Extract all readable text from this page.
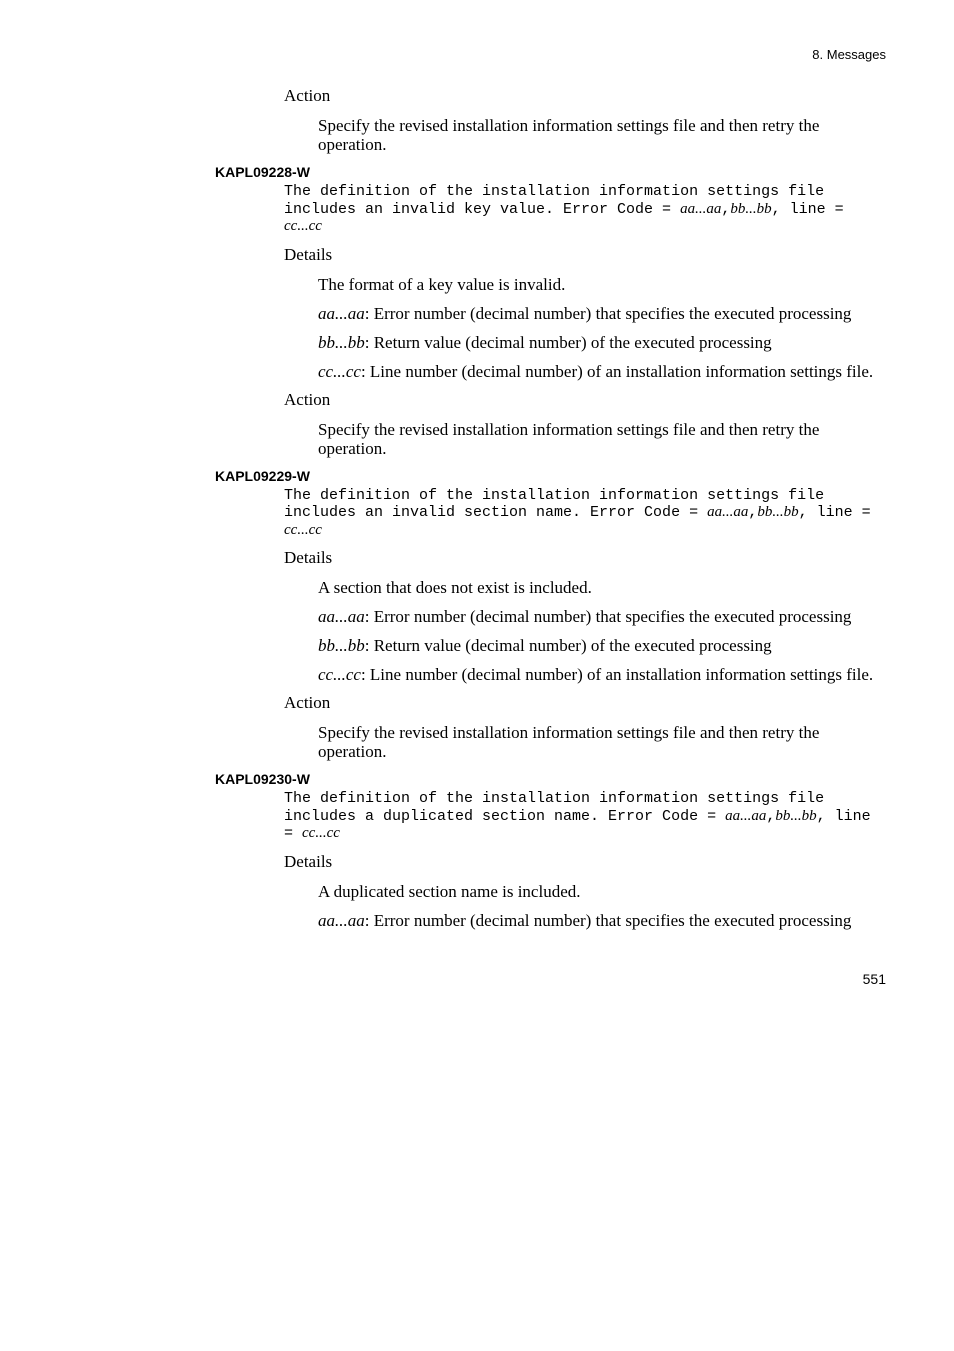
8. Messages
Action
Specify the revised installation information settings file and then retry the operation.
KAPL09228-W
The definition of the installation information settings file includes an invalid key value. Error Code = aa...aa,bb...bb, line = cc...cc
Details
The format of a key value is invalid.
aa...aa: Error number (decimal number) that specifies the executed processing
bb...bb: Return value (decimal number) of the executed processing
cc...cc: Line number (decimal number) of an installation information settings file.
Action
Specify the revised installation information settings file and then retry the operation.
KAPL09229-W
The definition of the installation information settings file includes an invalid section name. Error Code = aa...aa,bb...bb, line = cc...cc
Details
A section that does not exist is included.
aa...aa: Error number (decimal number) that specifies the executed processing
bb...bb: Return value (decimal number) of the executed processing
cc...cc: Line number (decimal number) of an installation information settings file.
Action
Specify the revised installation information settings file and then retry the operation.
KAPL09230-W
The definition of the installation information settings file includes a duplicated section name. Error Code = aa...aa,bb...bb, line = cc...cc
Details
A duplicated section name is included.
aa...aa: Error number (decimal number) that specifies the executed processing
551
